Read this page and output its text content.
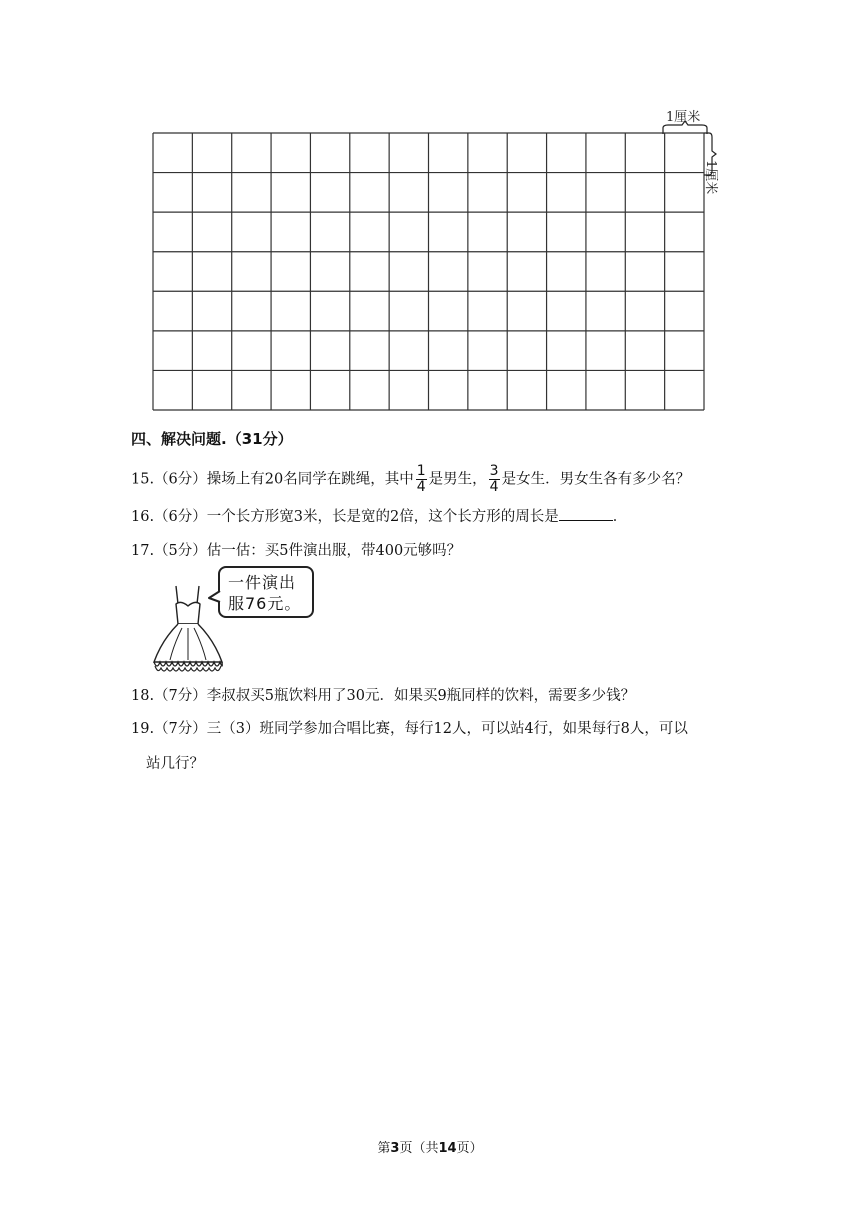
1厘米
1厘米
四、解决问题.（31分）
15.（6分）操场上有20名同学在跳绳，其中 $\frac{1}{4}$ 是男生， $\frac{3}{4}$ 是女生．男女生各有多少名？
16.（6分）一个长方形宽3米，长是宽的2倍，这个长方形的周长是	．
17.（5分）估一估：买5件演出服，带400元够吗？
一件演出服76元。
18.（7分）李叔叔买5瓶饮料用了30元．如果买9瓶同样的饮料，需要多少钱？
19.（7分）三（3）班同学参加合唱比赛，每行12人，可以站4行，如果每行8人，可以
站几行？
第3页（共14页）
